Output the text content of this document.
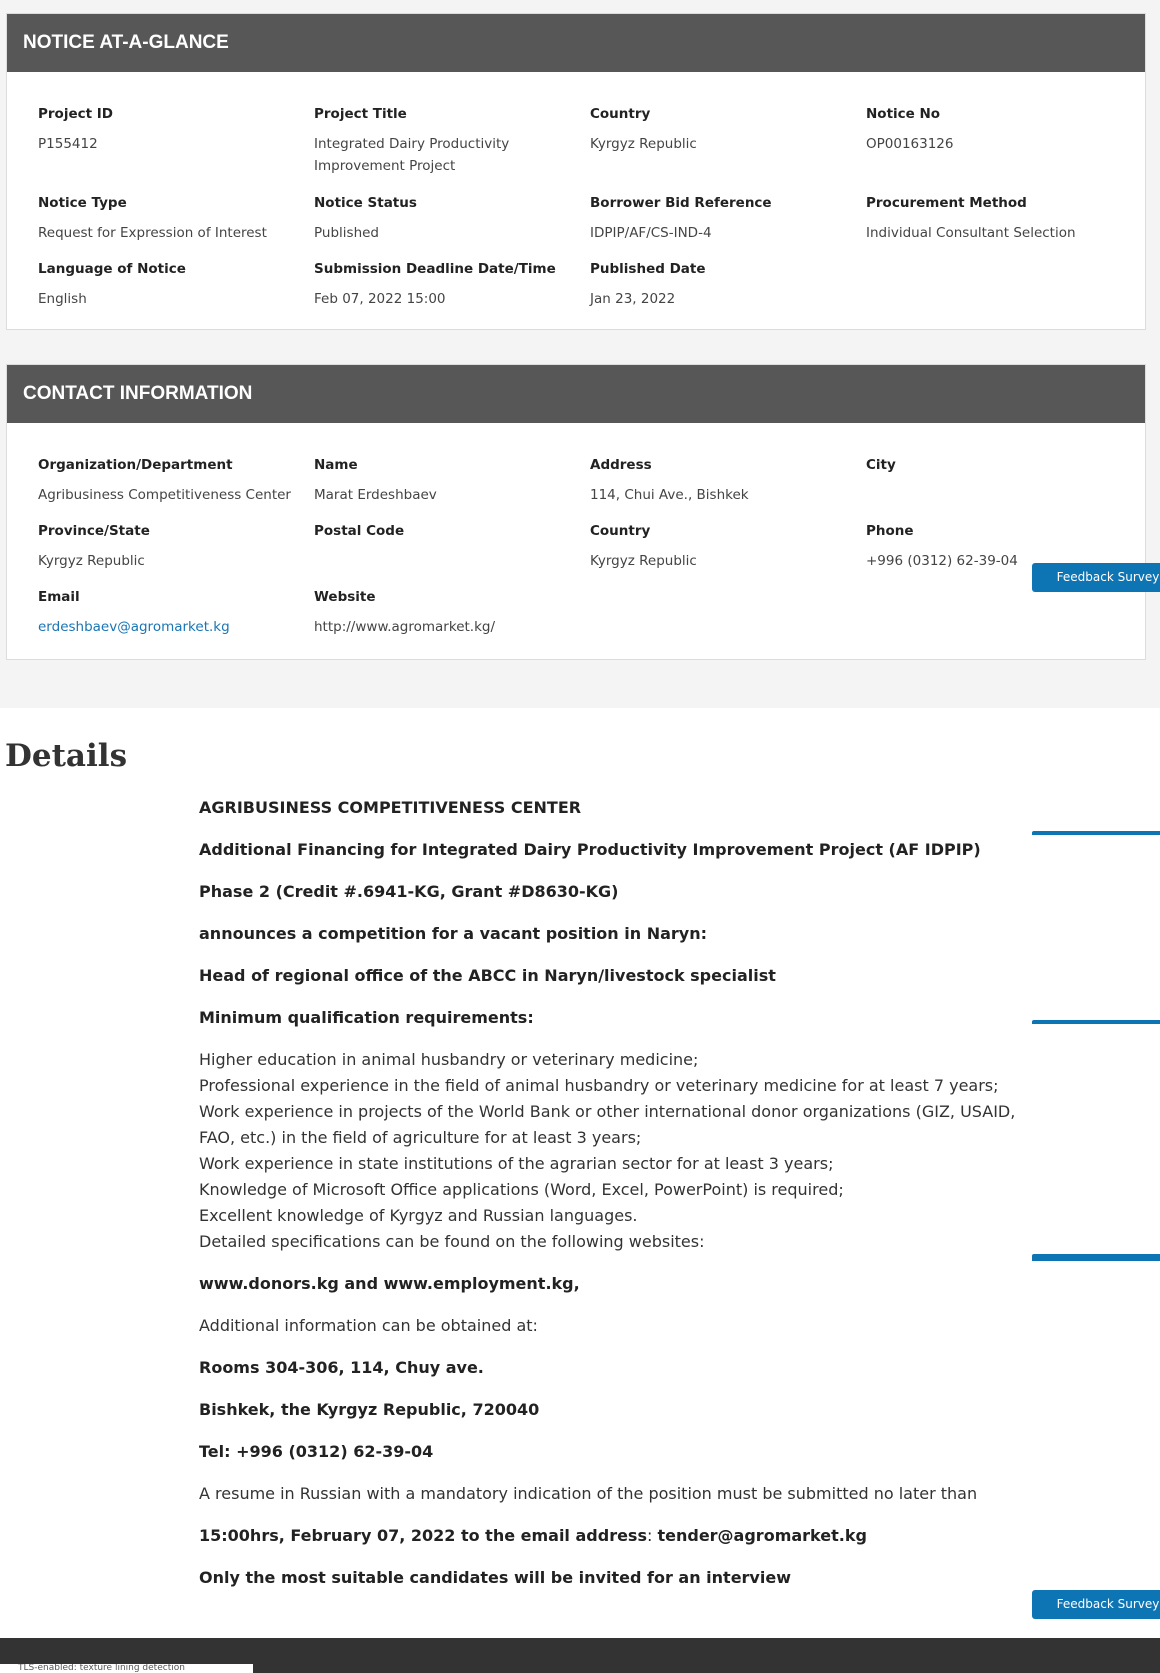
NOTICE AT-A-GLANCE
Project ID
P155412
Project Title
Integrated Dairy Productivity Improvement Project
Country
Kyrgyz Republic
Notice No
OP00163126
Notice Type
Request for Expression of Interest
Notice Status
Published
Borrower Bid Reference
IDPIP/AF/CS-IND-4
Procurement Method
Individual Consultant Selection
Language of Notice
English
Submission Deadline Date/Time
Feb 07, 2022 15:00
Published Date
Jan 23, 2022
CONTACT INFORMATION
Organization/Department
Agribusiness Competitiveness Center
Name
Marat Erdeshbaev
Address
114, Chui Ave., Bishkek
City
Province/State
Kyrgyz Republic
Postal Code	Country
Kyrgyz Republic
Phone
+996 (0312) 62-39-04
Email
erdeshbaev@agromarket.kg
Website
http://www.agromarket.kg/
Feedback Survey
Feedback Survey
Details

AGRIBUSINESS COMPETITIVENESS CENTER

Additional Financing for Integrated Dairy Productivity Improvement Project (AF IDPIP)

Phase 2 (Credit #.6941-KG, Grant #D8630-KG)

announces a competition for a vacant position in Naryn:

Head of regional office of the ABCC in Naryn/livestock specialist

Minimum qualification requirements:

Higher education in animal husbandry or veterinary medicine;
Professional experience in the field of animal husbandry or veterinary medicine for at least 7 years;
Work experience in projects of the World Bank or other international donor organizations (GIZ, USAID, FAO, etc.) in the field of agriculture for at least 3 years;
Work experience in state institutions of the agrarian sector for at least 3 years;
Knowledge of Microsoft Office applications (Word, Excel, PowerPoint) is required;
Excellent knowledge of Kyrgyz and Russian languages.
Detailed specifications can be found on the following websites:

www.donors.kg and www.employment.kg,

Additional information can be obtained at:

Rooms 304-306, 114, Chuy ave.

Bishkek, the Kyrgyz Republic, 720040

Tel: +996 (0312) 62-39-04

A resume in Russian with a mandatory indication of the position must be submitted no later than

15:00hrs, February 07, 2022 to the email address: tender@agromarket.kg

Only the most suitable candidates will be invited for an interview

TLS-enabled: texture lining detection
